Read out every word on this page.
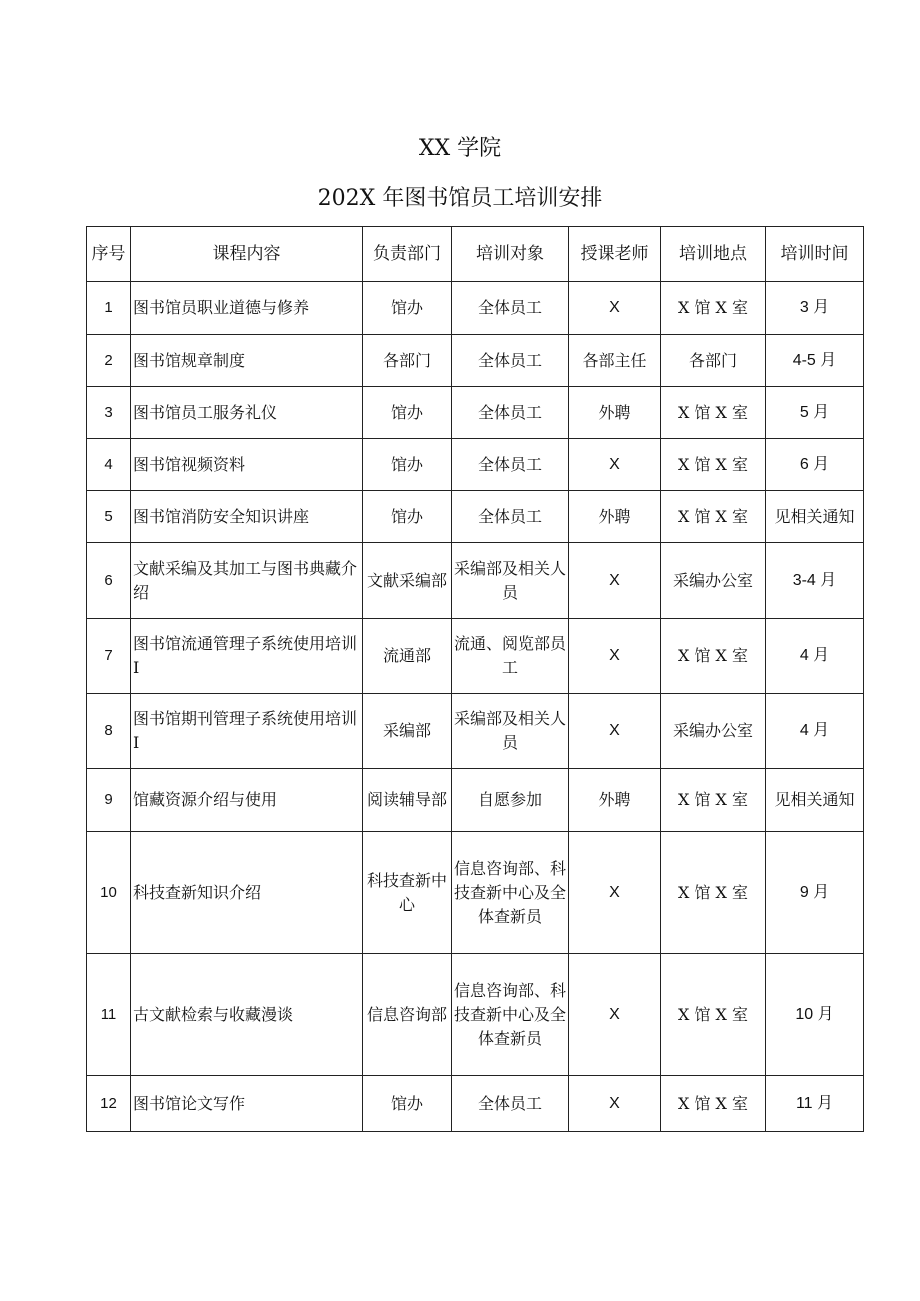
XX 学院
202X 年图书馆员工培训安排
序号	课程内容	负责部门	培训对象	授课老师	培训地点	培训时间
1	图书馆员职业道德与修养	馆办	全体员工	X	X 馆 X 室	3 月
2	图书馆规章制度	各部门	全体员工	各部主任	各部门	4-5 月
3	图书馆员工服务礼仪	馆办	全体员工	外聘	X 馆 X 室	5 月
4	图书馆视频资料	馆办	全体员工	X	X 馆 X 室	6 月
5	图书馆消防安全知识讲座	馆办	全体员工	外聘	X 馆 X 室	见相关通知
6	文献采编及其加工与图书典藏介绍	文献采编部	采编部及相关人员	X	采编办公室	3-4 月
7	图书馆流通管理子系统使用培训 I	流通部	流通、阅览部员工	X	X 馆 X 室	4 月
8	图书馆期刊管理子系统使用培训 I	采编部	采编部及相关人员	X	采编办公室	4 月
9	馆藏资源介绍与使用	阅读辅导部	自愿参加	外聘	X 馆 X 室	见相关通知
10	科技查新知识介绍	科技查新中心	信息咨询部、科技查新中心及全体查新员	X	X 馆 X 室	9 月
11	古文献检索与收藏漫谈	信息咨询部	信息咨询部、科技查新中心及全体查新员	X	X 馆 X 室	10 月
12	图书馆论文写作	馆办	全体员工	X	X 馆 X 室	11 月
